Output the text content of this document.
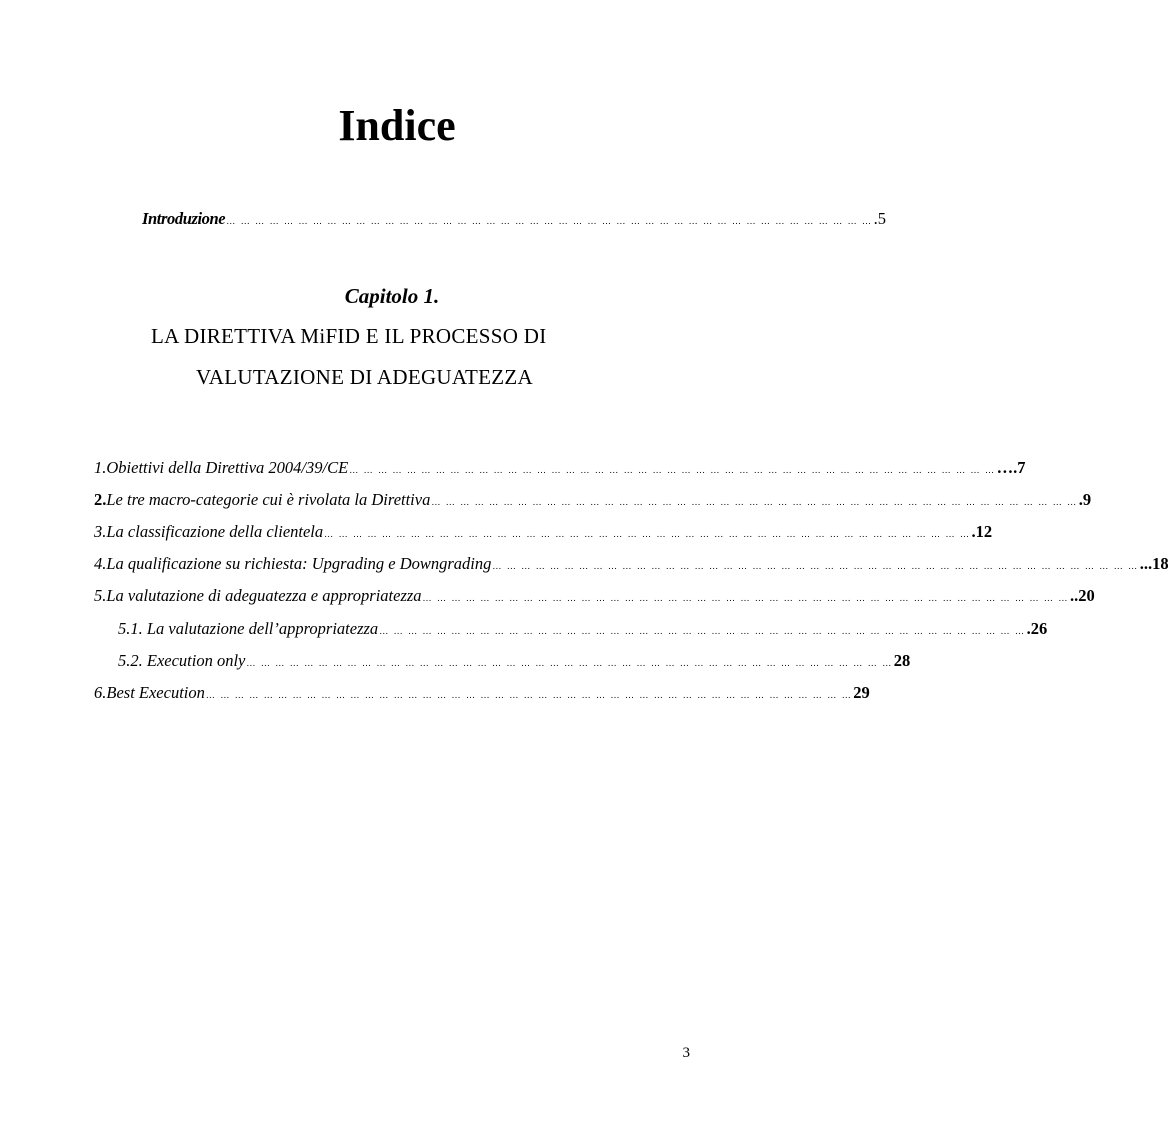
Indice
Introduzione … … … … … … … … … … … … … … … … … … … … … … … … … … … … … … … … … … … … … … … … … … … … … .5
Capitolo 1.
LA DIRETTIVA MiFID E IL PROCESSO DI
VALUTAZIONE DI ADEGUATEZZA
1. Obiettivi della Direttiva 2004/39/CE … … … … … … … … … … … … … … … … … … … … … … … … … … … … … … … … … … … … … … … … … … … … … ….7
2. Le tre macro-categorie cui è rivolata la Direttiva … … … … … … … … … … … … … … … … … … … … … … … … … … … … … … … … … … … … … … … … … … … … … .9
3. La classificazione della clientela … … … … … … … … … … … … … … … … … … … … … … … … … … … … … … … … … … … … … … … … … … … … … .12
4. La qualificazione su richiesta: Upgrading e Downgrading … … … … … … … … … … … … … … … … … … … … … … … … … … … … … … … … … … … … … … … … … … … … … ...18
5. La valutazione di adeguatezza e appropriatezza … … … … … … … … … … … … … … … … … … … … … … … … … … … … … … … … … … … … … … … … … … … … … ..20
5.1. La valutazione dell’appropriatezza … … … … … … … … … … … … … … … … … … … … … … … … … … … … … … … … … … … … … … … … … … … … … .26
5.2. Execution only … … … … … … … … … … … … … … … … … … … … … … … … … … … … … … … … … … … … … … … … … … … … … 28
6. Best Execution … … … … … … … … … … … … … … … … … … … … … … … … … … … … … … … … … … … … … … … … … … … … … 29
3
